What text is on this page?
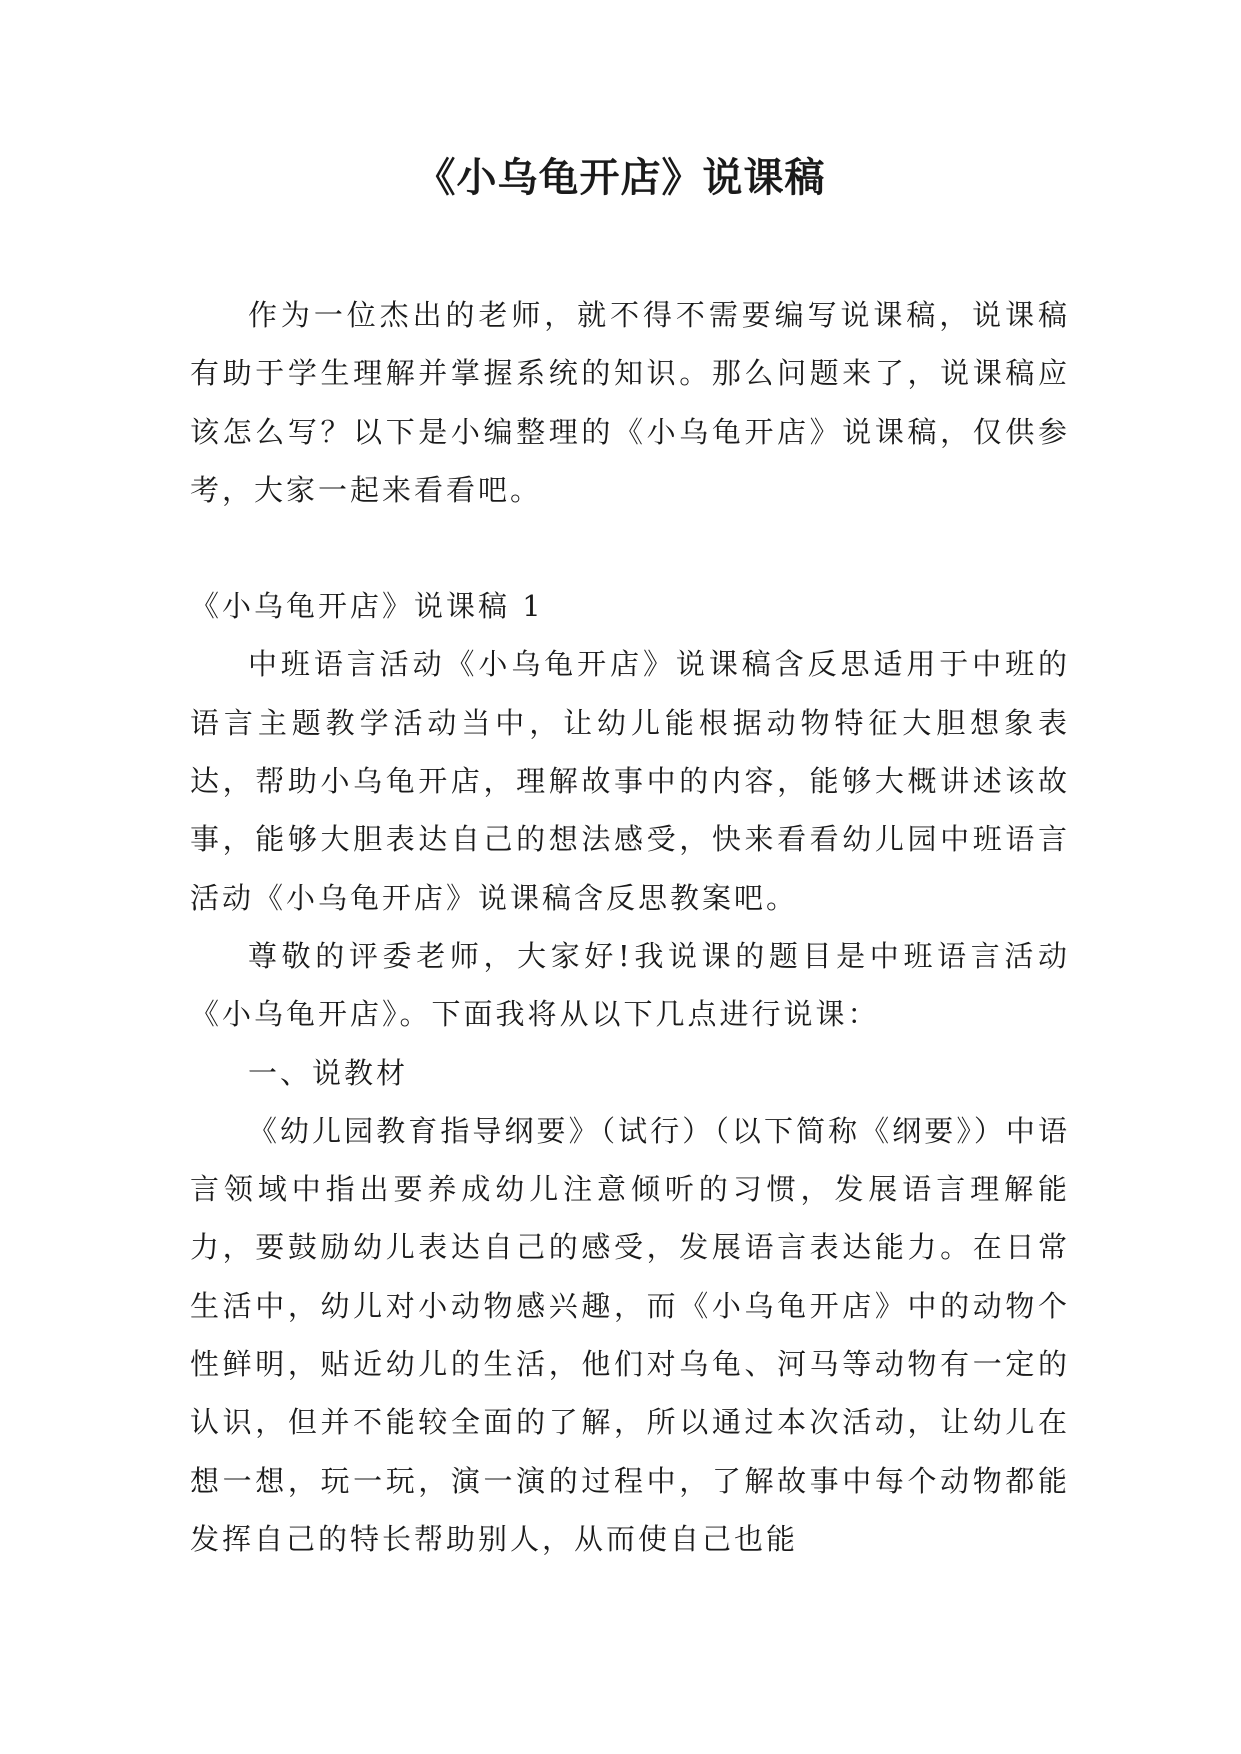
《小乌龟开店》说课稿

作为一位杰出的老师，就不得不需要编写说课稿，说课稿有助于学生理解并掌握系统的知识。那么问题来了，说课稿应该怎么写？以下是小编整理的《小乌龟开店》说课稿，仅供参考，大家一起来看看吧。

《小乌龟开店》说课稿 1

中班语言活动《小乌龟开店》说课稿含反思适用于中班的语言主题教学活动当中，让幼儿能根据动物特征大胆想象表达，帮助小乌龟开店，理解故事中的内容，能够大概讲述该故事，能够大胆表达自己的想法感受，快来看看幼儿园中班语言活动《小乌龟开店》说课稿含反思教案吧。

尊敬的评委老师，大家好!我说课的题目是中班语言活动《小乌龟开店》。下面我将从以下几点进行说课：

一、说教材

《幼儿园教育指导纲要》（试行）（以下简称《纲要》）中语言领域中指出要养成幼儿注意倾听的习惯，发展语言理解能力，要鼓励幼儿表达自己的感受，发展语言表达能力。在日常生活中，幼儿对小动物感兴趣，而《小乌龟开店》中的动物个性鲜明，贴近幼儿的生活，他们对乌龟、河马等动物有一定的认识，但并不能较全面的了解，所以通过本次活动，让幼儿在想一想，玩一玩，演一演的过程中，了解故事中每个动物都能发挥自己的特长帮助别人，从而使自己也能
